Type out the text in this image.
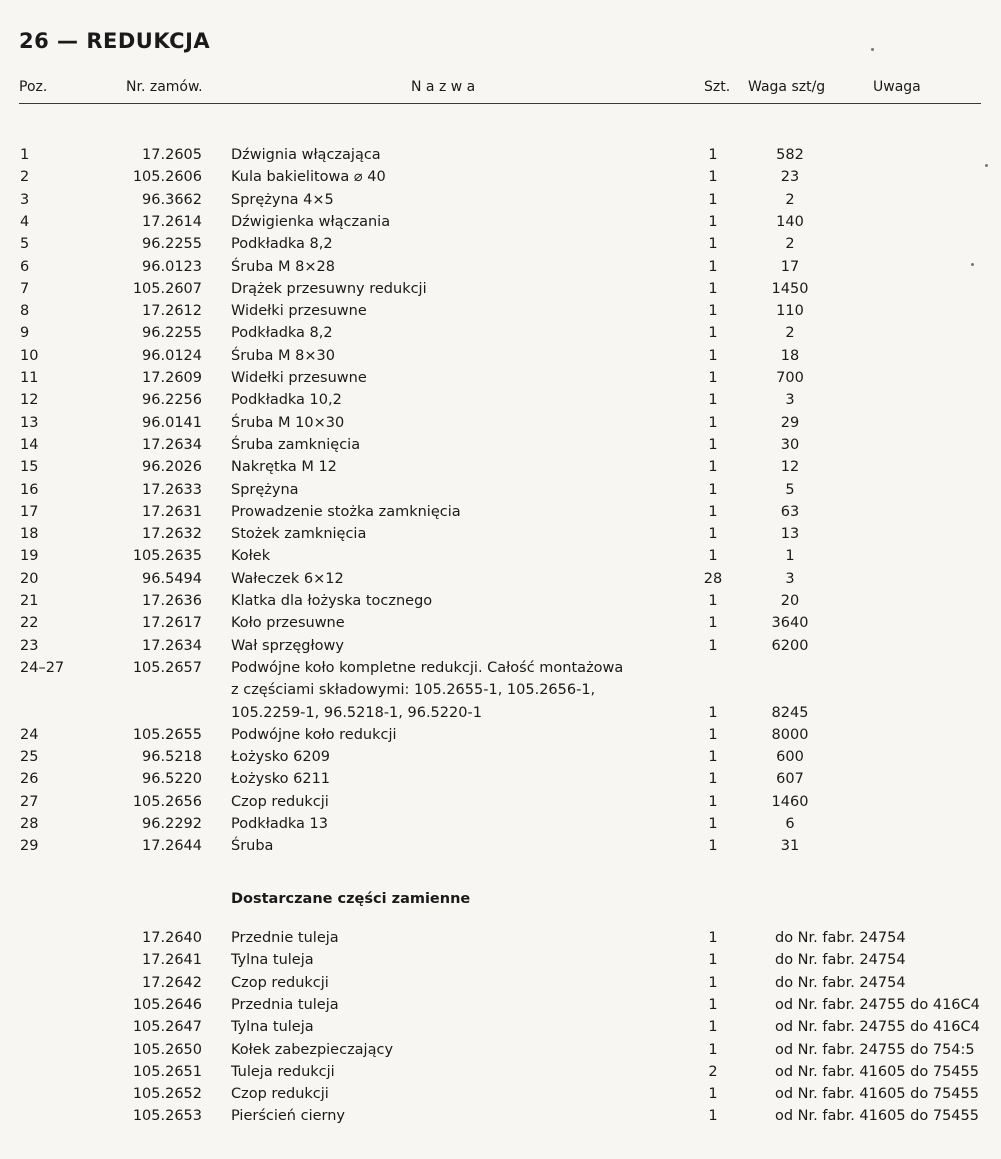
26 — REDUKCJA
Poz.	Nr. zamów.	N a z w a	Szt. Waga szt/g	Uwaga
1	17.2605 Dźwignia włączająca	1	582
2	105.2606 Kula bakielitowa ⌀ 40	1	23
3	96.3662 Sprężyna 4×5	1	2
4	17.2614 Dźwigienka włączania	1	140
5	96.2255 Podkładka 8,2	1	2
6	96.0123 Śruba M 8×28	1	17
7	105.2607 Drążek przesuwny redukcji	1	1450
8	17.2612 Widełki przesuwne	1	110
9	96.2255 Podkładka 8,2	1	2
10	96.0124 Śruba M 8×30	1	18
11	17.2609 Widełki przesuwne	1	700
12	96.2256 Podkładka 10,2	1	3
13	96.0141 Śruba M 10×30	1	29
14	17.2634 Śruba zamknięcia	1	30
15	96.2026 Nakrętka M 12	1	12
16	17.2633 Sprężyna	1	5
17	17.2631 Prowadzenie stożka zamknięcia	1	63
18	17.2632 Stożek zamknięcia	1	13
19	105.2635 Kołek	1	1
20	96.5494 Wałeczek 6×12	28	3
21	17.2636 Klatka dla łożyska tocznego	1	20
22	17.2617 Koło przesuwne	1	3640
23	17.2634 Wał sprzęgłowy	1	6200
24–27	105.2657 Podwójne koło kompletne redukcji. Całość montażowa
z częściami składowymi: 105.2655-1, 105.2656-1,
105.2259-1, 96.5218-1, 96.5220-1	1	8245
24	105.2655 Podwójne koło redukcji	1	8000
25	96.5218 Łożysko 6209	1	600
26	96.5220 Łożysko 6211	1	607
27	105.2656 Czop redukcji	1	1460
28	96.2292 Podkładka 13	1	6
29	17.2644 Śruba	1	31
Dostarczane części zamienne
17.2640 Przednie tuleja	1	do Nr. fabr. 24754
17.2641 Tylna tuleja	1	do Nr. fabr. 24754
17.2642 Czop redukcji	1	do Nr. fabr. 24754
105.2646 Przednia tuleja	1	od Nr. fabr. 24755 do 416C4
105.2647 Tylna tuleja	1	od Nr. fabr. 24755 do 416C4
105.2650 Kołek zabezpieczający	1	od Nr. fabr. 24755 do 754:5
105.2651 Tuleja redukcji	2	od Nr. fabr. 41605 do 75455
105.2652 Czop redukcji	1	od Nr. fabr. 41605 do 75455
105.2653 Pierścień cierny	1	od Nr. fabr. 41605 do 75455
